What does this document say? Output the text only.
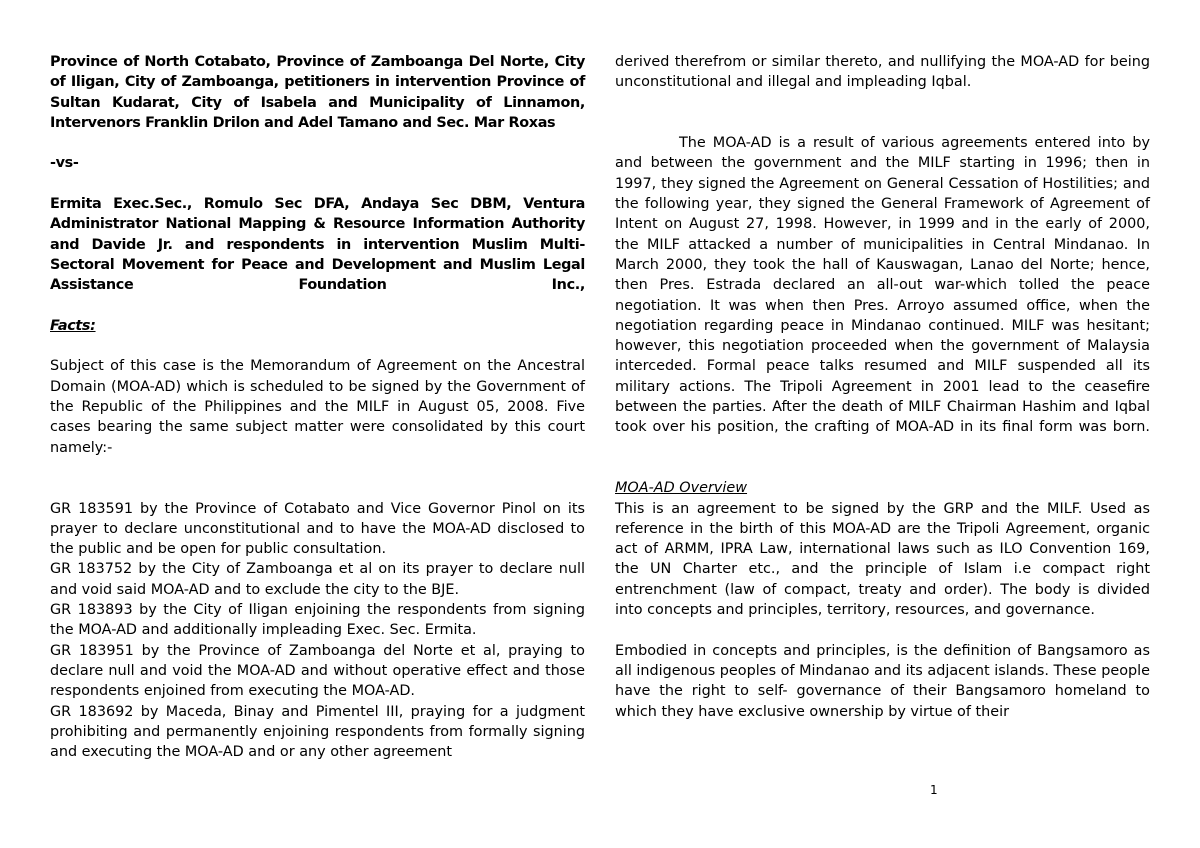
Province of North Cotabato, Province of Zamboanga Del Norte, City of Iligan, City of Zamboanga, petitioners in intervention Province of Sultan Kudarat, City of Isabela and Municipality of Linnamon, Intervenors Franklin Drilon and Adel Tamano and Sec. Mar Roxas

-vs-

Ermita Exec.Sec., Romulo Sec DFA, Andaya Sec DBM, Ventura Administrator National Mapping & Resource Information Authority and Davide Jr. and respondents in intervention Muslim Multi-Sectoral Movement for Peace and Development and Muslim Legal Assistance Foundation Inc.,

Facts:

Subject of this case is the Memorandum of Agreement on the Ancestral Domain (MOA-AD) which is scheduled to be signed by the Government of the Republic of the Philippines and the MILF in August 05, 2008. Five cases bearing the same subject matter were consolidated by this court namely:-

GR 183591 by the Province of Cotabato and Vice Governor Pinol on its prayer to declare unconstitutional and to have the MOA-AD disclosed to the public and be open for public consultation.

GR 183752 by the City of Zamboanga et al on its prayer to declare null and void said MOA-AD and to exclude the city to the BJE.

GR 183893 by the City of Iligan enjoining the respondents from signing the MOA-AD and additionally impleading Exec. Sec. Ermita.

GR 183951 by the Province of Zamboanga del Norte et al, praying to declare null and void the MOA-AD and without operative effect and those respondents enjoined from executing the MOA-AD.

GR 183692 by Maceda, Binay and Pimentel III, praying for a judgment prohibiting and permanently enjoining respondents from formally signing and executing the MOA-AD and or any other agreement

derived therefrom or similar thereto, and nullifying the MOA-AD for being unconstitutional and illegal and impleading Iqbal.

The MOA-AD is a result of various agreements entered into by and between the government and the MILF starting in 1996; then in 1997, they signed the Agreement on General Cessation of Hostilities; and the following year, they signed the General Framework of Agreement of Intent on August 27, 1998. However, in 1999 and in the early of 2000, the MILF attacked a number of municipalities in Central Mindanao. In March 2000, they took the hall of Kauswagan, Lanao del Norte; hence, then Pres. Estrada declared an all-out war-which tolled the peace negotiation. It was when then Pres. Arroyo assumed office, when the negotiation regarding peace in Mindanao continued. MILF was hesitant; however, this negotiation proceeded when the government of Malaysia interceded. Formal peace talks resumed and MILF suspended all its military actions. The Tripoli Agreement in 2001 lead to the ceasefire between the parties. After the death of MILF Chairman Hashim and Iqbal took over his position, the crafting of MOA-AD in its final form was born.

MOA-AD Overview

This is an agreement to be signed by the GRP and the MILF. Used as reference in the birth of this MOA-AD are the Tripoli Agreement, organic act of ARMM, IPRA Law, international laws such as ILO Convention 169, the UN Charter etc., and the principle of Islam i.e compact right entrenchment (law of compact, treaty and order). The body is divided into concepts and principles, territory, resources, and governance.

Embodied in concepts and principles, is the definition of Bangsamoro as all indigenous peoples of Mindanao and its adjacent islands. These people have the right to self- governance of their Bangsamoro homeland to which they have exclusive ownership by virtue of their

1
